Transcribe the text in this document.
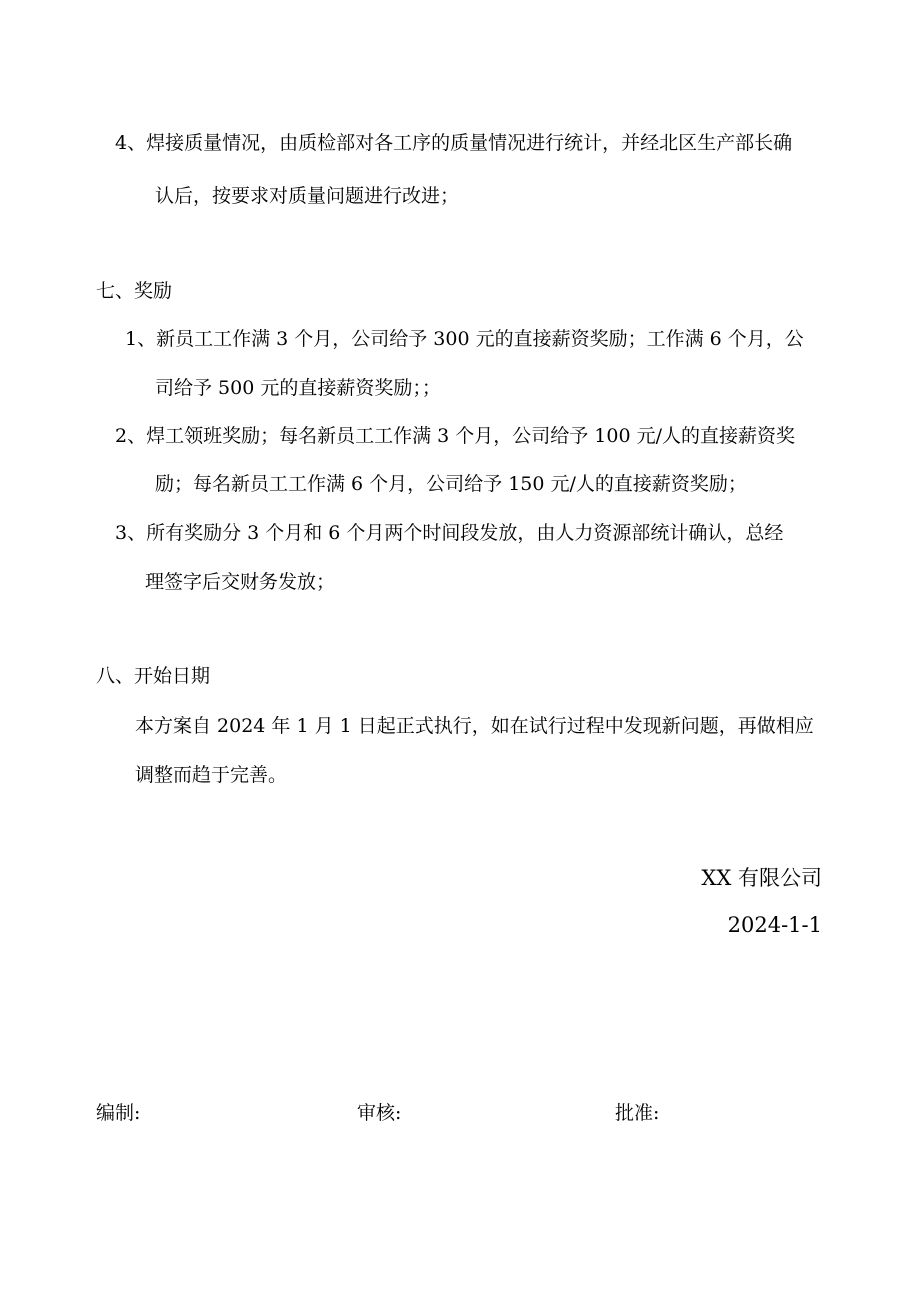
4、焊接质量情况，由质检部对各工序的质量情况进行统计，并经北区生产部长确
认后，按要求对质量问题进行改进；
七、奖励
1、新员工工作满 3 个月，公司给予 300 元的直接薪资奖励；工作满 6 个月，公
司给予 500 元的直接薪资奖励；；
2、焊工领班奖励；每名新员工工作满 3 个月，公司给予 100 元/人的直接薪资奖
励；每名新员工工作满 6 个月，公司给予 150 元/人的直接薪资奖励；
3、所有奖励分 3 个月和 6 个月两个时间段发放，由人力资源部统计确认，总经
理签字后交财务发放；
八、开始日期
本方案自 2024 年 1 月 1 日起正式执行，如在试行过程中发现新问题，再做相应
调整而趋于完善。
XX 有限公司
2024-1-1
编制:	审核:	批准:
